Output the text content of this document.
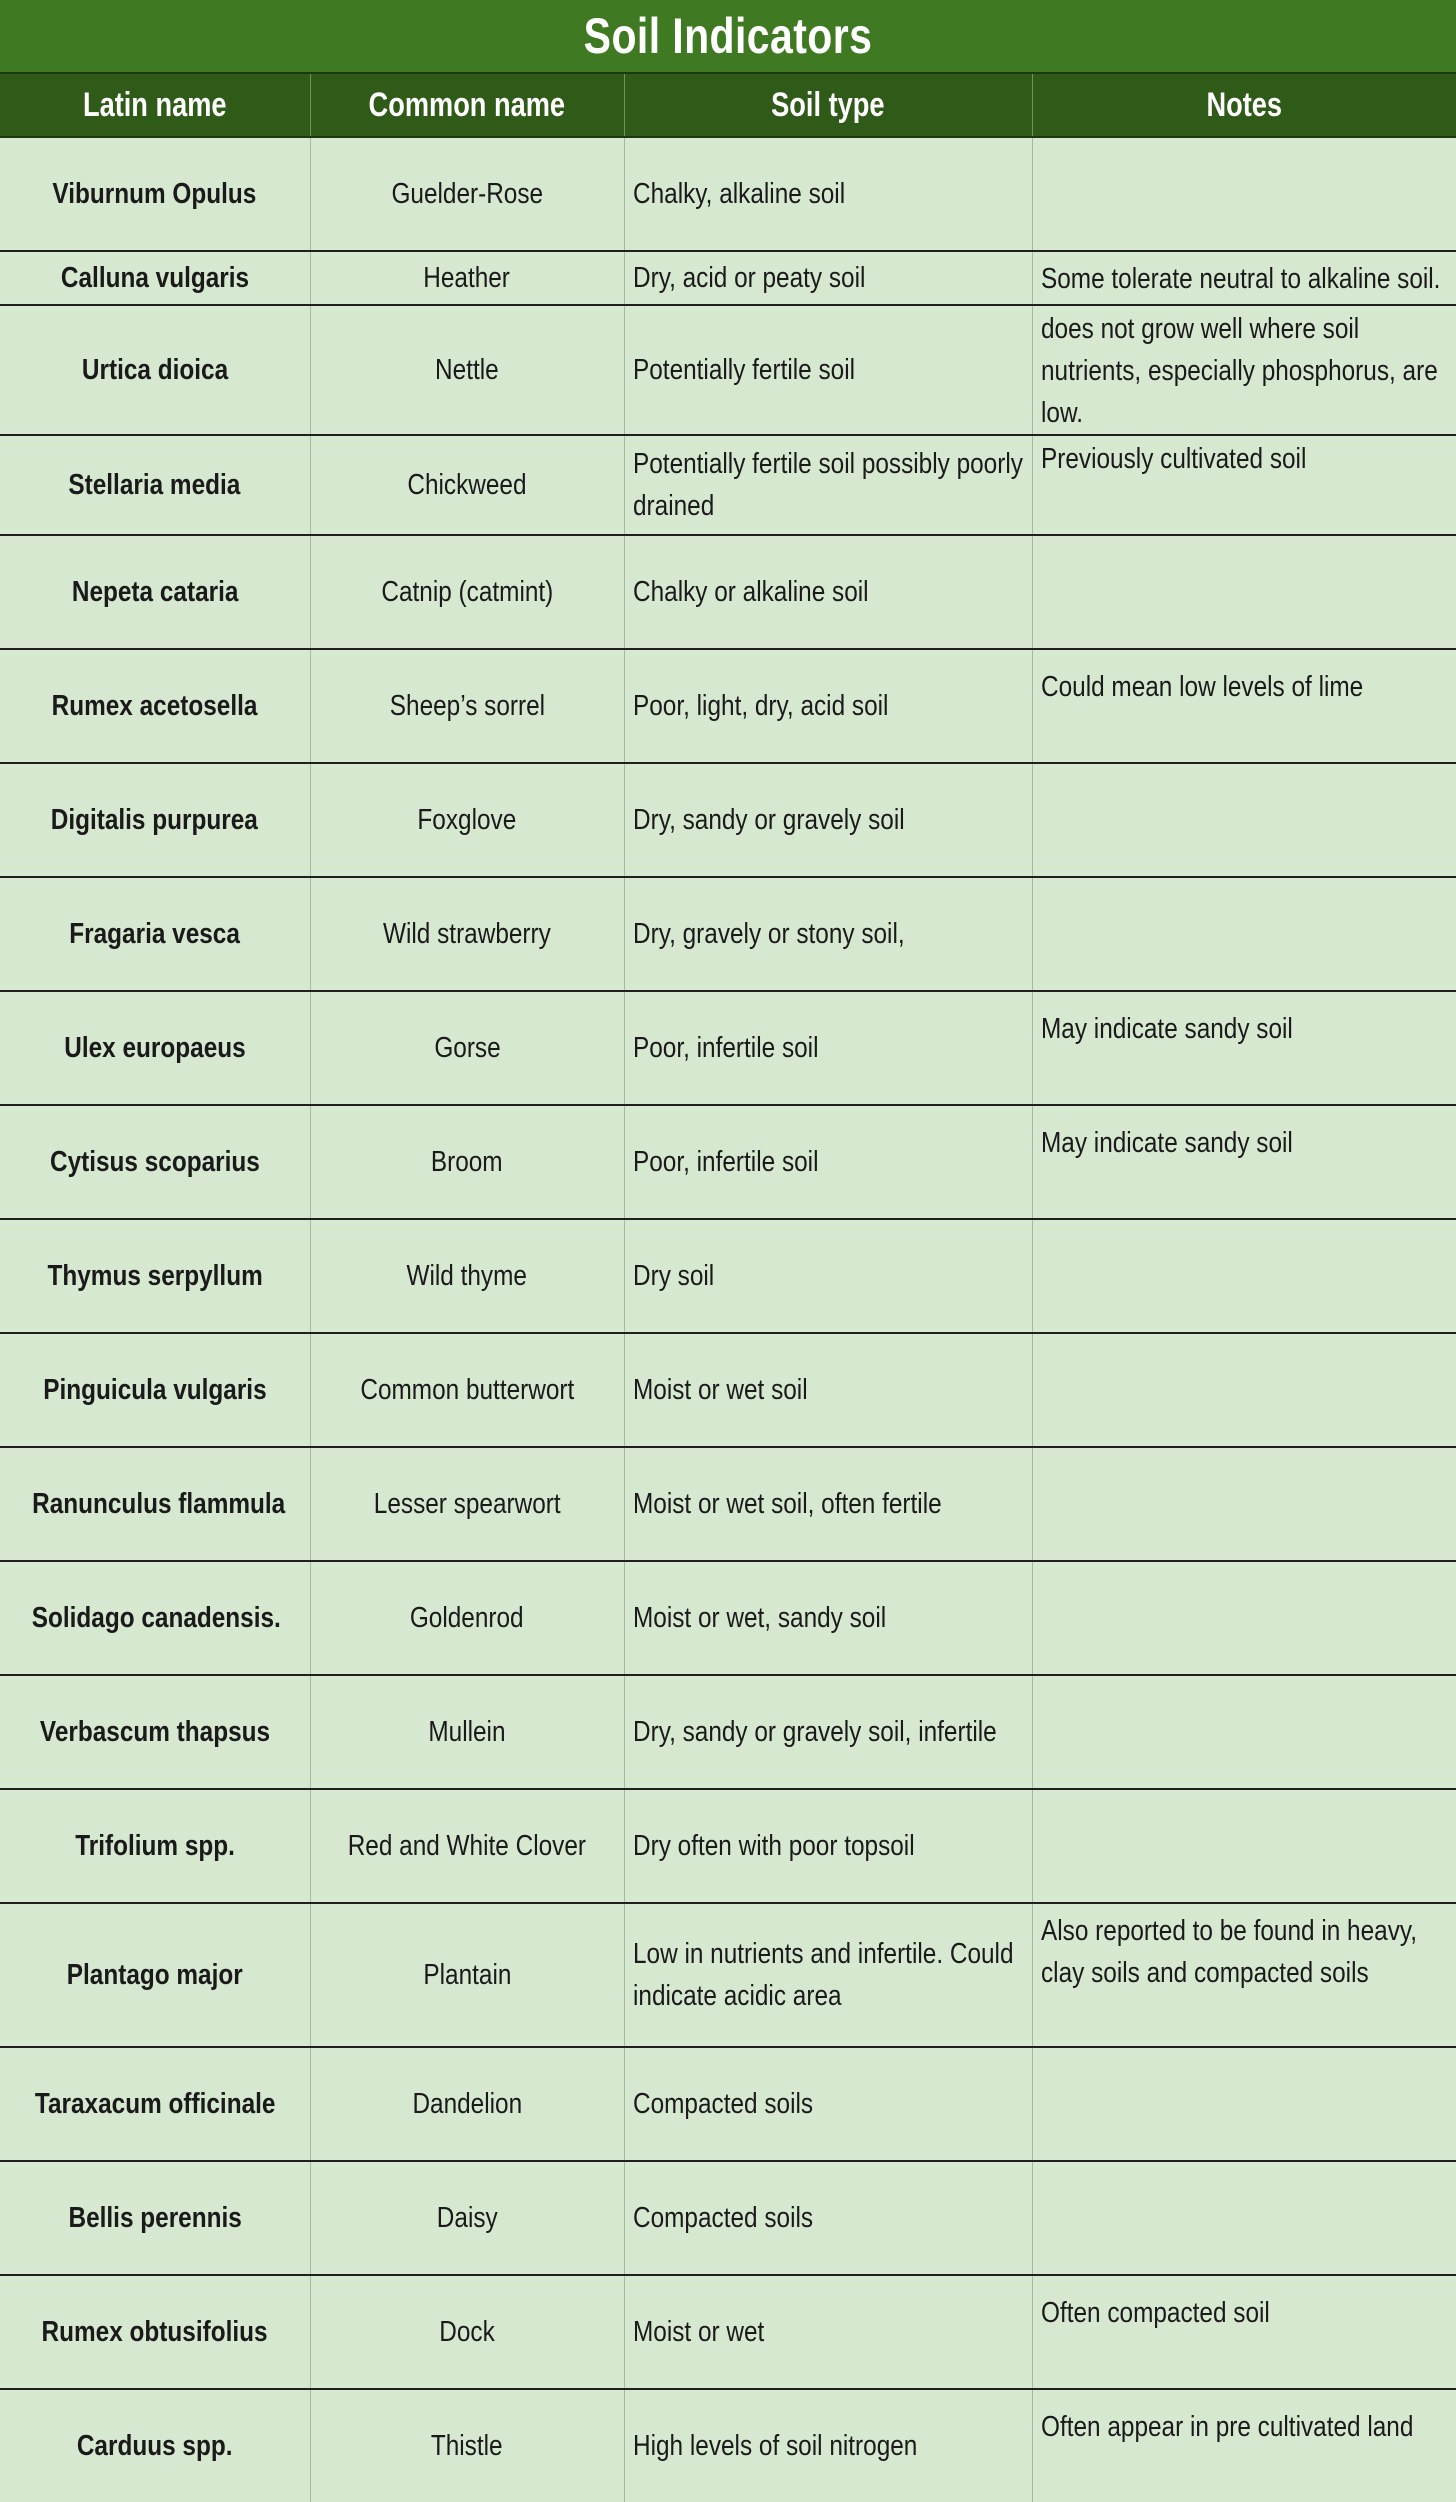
Soil Indicators
Latin name	Common name	Soil type	Notes
Viburnum Opulus	Guelder-Rose	Chalky, alkaline soil	

Calluna vulgaris	Heather	Dry, acid or peaty soil	Some tolerate neutral to alkaline soil.
Urtica dioica	Nettle	Potentially fertile soil	does not grow well where soil nutrients, especially phosphorus, are low.

Stellaria media	Chickweed	Potentially fertile soil possibly poorly drained	Previously cultivated soil

Nepeta cataria	Catnip (catmint)	Chalky or alkaline soil	

Rumex acetosella	Sheep’s sorrel	Poor, light, dry, acid soil	Could mean low levels of lime

Digitalis purpurea	Foxglove	Dry, sandy or gravely soil	

Fragaria vesca	Wild strawberry	Dry, gravely or stony soil,	

Ulex europaeus	Gorse	Poor, infertile soil	May indicate sandy soil

Cytisus scoparius	Broom	Poor, infertile soil	May indicate sandy soil

Thymus serpyllum	Wild thyme	Dry soil	

Pinguicula vulgaris	Common butterwort	Moist or wet soil	

Ranunculus flammula	Lesser spearwort	Moist or wet soil, often fertile	

Solidago canadensis.	Goldenrod	Moist or wet, sandy soil	

Verbascum thapsus	Mullein	Dry, sandy or gravely soil, infertile	

Trifolium spp.	Red and White Clover	Dry often with poor topsoil	

Plantago major	Plantain	Low in nutrients and infertile. Could indicate acidic area	Also reported to be found in heavy, clay soils and compacted soils

Taraxacum officinale	Dandelion	Compacted soils	

Bellis perennis	Daisy	Compacted soils	

Rumex obtusifolius	Dock	Moist or wet	Often compacted soil

Carduus spp.	Thistle	High levels of soil nitrogen	Often appear in pre cultivated land
